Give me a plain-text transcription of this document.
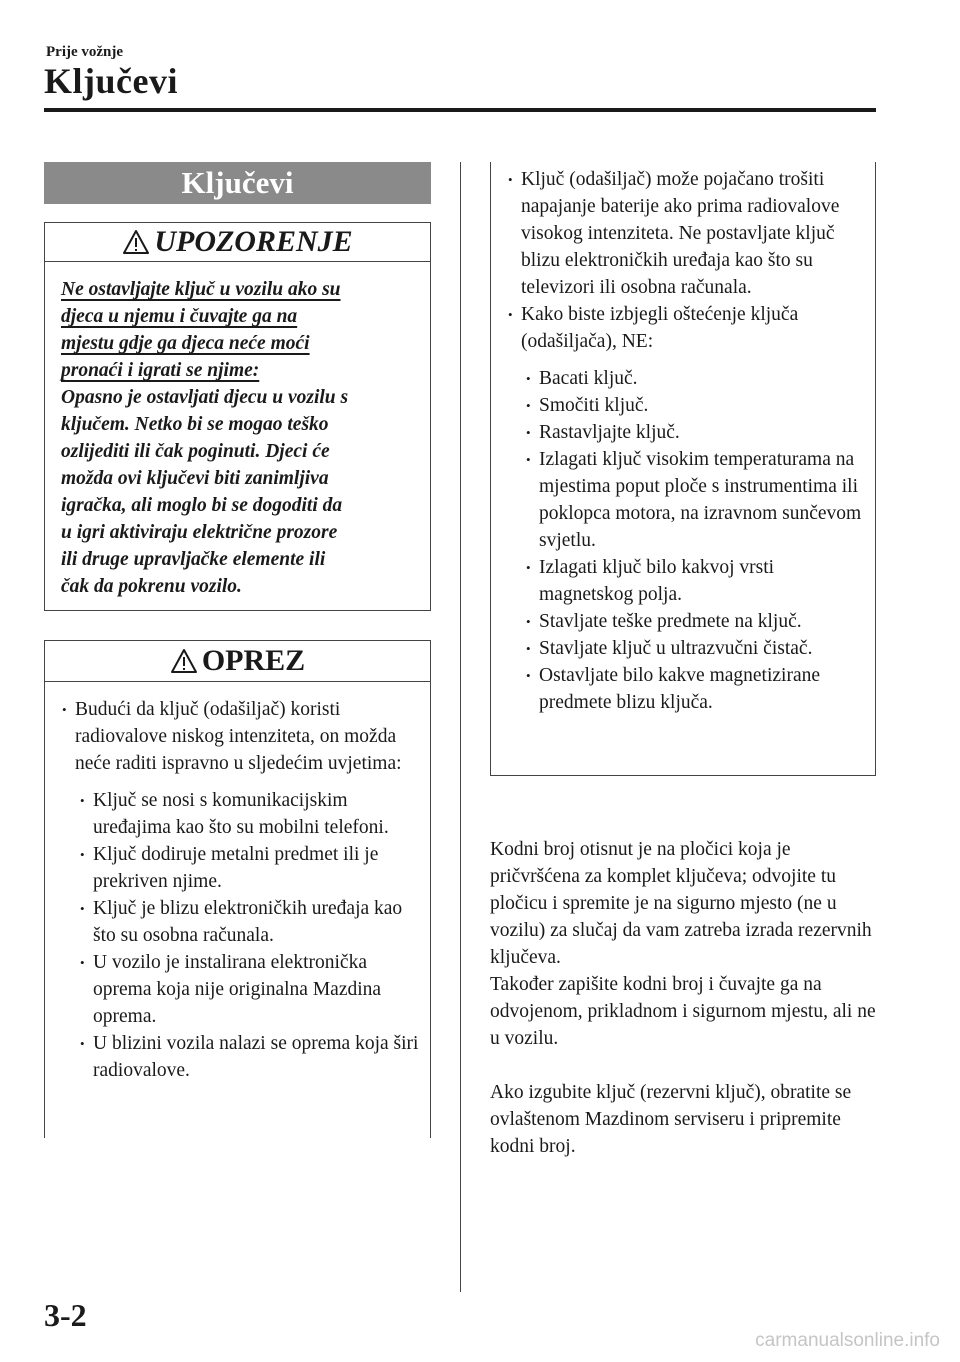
Prije vožnje
Ključevi
Ključevi
UPOZORENJE
Ne ostavljajte ključ u vozilu ako su
djeca u njemu i čuvajte ga na
mjestu gdje ga djeca neće moći
pronaći i igrati se njime:
Opasno je ostavljati djecu u vozilu s
ključem. Netko bi se mogao teško
ozlijediti ili čak poginuti. Djeci će
možda ovi ključevi biti zanimljiva
igračka, ali moglo bi se dogoditi da
u igri aktiviraju električne prozore
ili druge upravljačke elemente ili
čak da pokrenu vozilo.
OPREZ
• Budući da ključ (odašiljač) koristi radiovalove niskog intenziteta, on možda neće raditi ispravno u sljedećim uvjetima:
• Ključ se nosi s komunikacijskim uređajima kao što su mobilni telefoni.
• Ključ dodiruje metalni predmet ili je prekriven njime.
• Ključ je blizu elektroničkih uređaja kao što su osobna računala.
• U vozilo je instalirana elektronička oprema koja nije originalna Mazdina oprema.
• U blizini vozila nalazi se oprema koja širi radiovalove.
• Ključ (odašiljač) može pojačano trošiti napajanje baterije ako prima radiovalove visokog intenziteta. Ne postavljate ključ blizu elektroničkih uređaja kao što su televizori ili osobna računala.
• Kako biste izbjegli oštećenje ključa (odašiljača), NE:
• Bacati ključ.
• Smočiti ključ.
• Rastavljajte ključ.
• Izlagati ključ visokim temperaturama na mjestima poput ploče s instrumentima ili poklopca motora, na izravnom sunčevom svjetlu.
• Izlagati ključ bilo kakvoj vrsti magnetskog polja.
• Stavljate teške predmete na ključ.
• Stavljate ključ u ultrazvučni čistač.
• Ostavljate bilo kakve magnetizirane predmete blizu ključa.

Kodni broj otisnut je na pločici koja je pričvršćena za komplet ključeva; odvojite tu pločicu i spremite je na sigurno mjesto (ne u vozilu) za slučaj da vam zatreba izrada rezervnih ključeva.

Također zapišite kodni broj i čuvajte ga na odvojenom, prikladnom i sigurnom mjestu, ali ne u vozilu.

Ako izgubite ključ (rezervni ključ), obratite se ovlaštenom Mazdinom serviseru i pripremite kodni broj.

3-2
carmanualsonline.info
